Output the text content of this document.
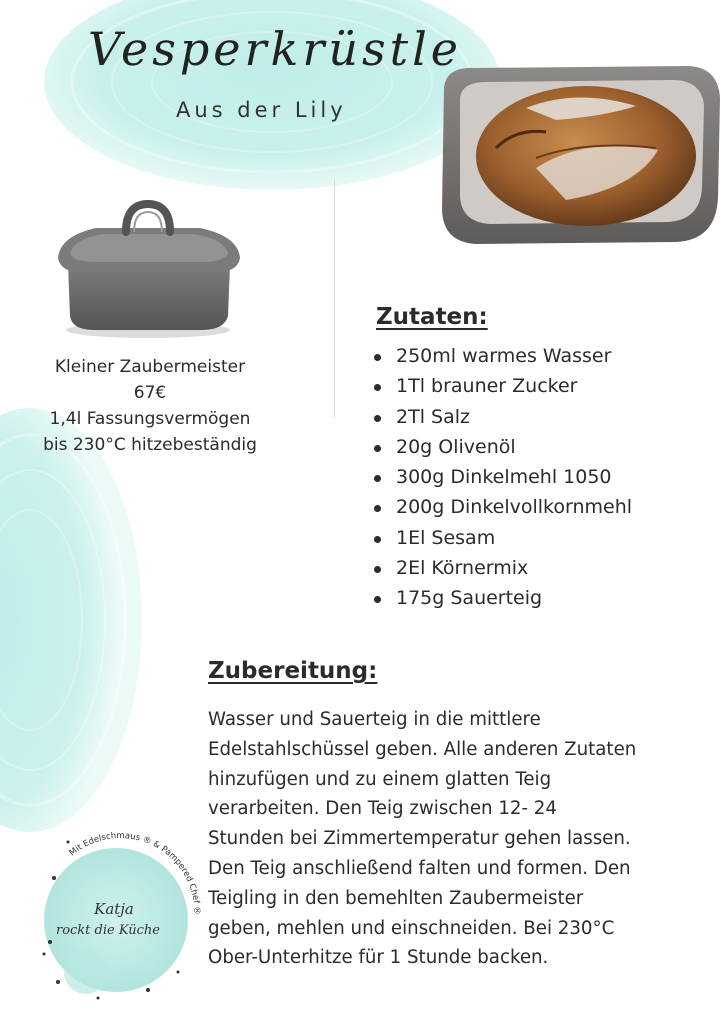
Vesperkrüstle
Aus der Lily
Kleiner Zaubermeister
67€
1,4l Fassungsvermögen
bis 230°C hitzebeständig
Zutaten:
250ml warmes Wasser
1Tl brauner Zucker
2Tl Salz
20g Olivenöl
300g Dinkelmehl 1050
200g Dinkelvollkornmehl
1El Sesam
2El Körnermix
175g Sauerteig
Zubereitung:
Wasser und Sauerteig in die mittlere
Edelstahlschüssel geben. Alle anderen Zutaten
hinzufügen und zu einem glatten Teig
verarbeiten. Den Teig zwischen 12- 24
Stunden bei Zimmertemperatur gehen lassen.
Den Teig anschließend falten und formen. Den
Teigling in den bemehlten Zaubermeister
geben, mehlen und einschneiden. Bei 230°C
Ober-Unterhitze für 1 Stunde backen.
Mit Edelschmaus ® & Pampered Chef ®
Katja
rockt die Küche
